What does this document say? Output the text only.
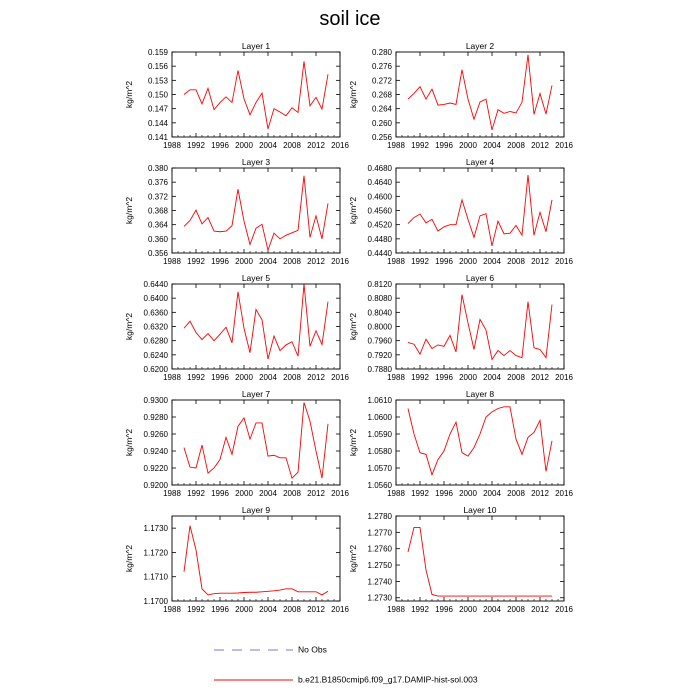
soil ice
Layer 1
kg/m^2
1988 1992 1996 2000 2004 2008 2012 2016
0.141
0.144
0.147
0.150
0.153
0.156
0.159
Layer 2
kg/m^2
1988 1992 1996 2000 2004 2008 2012 2016
0.256
0.260
0.264
0.268
0.272
0.276
0.280
Layer 3
kg/m^2
1988 1992 1996 2000 2004 2008 2012 2016
0.356
0.360
0.364
0.368
0.372
0.376
0.380
Layer 4
kg/m^2
1988 1992 1996 2000 2004 2008 2012 2016
0.4440
0.4480
0.4520
0.4560
0.4600
0.4640
0.4680
Layer 5
kg/m^2
1988 1992 1996 2000 2004 2008 2012 2016
0.6200
0.6240
0.6280
0.6320
0.6360
0.6400
0.6440
Layer 6
kg/m^2
1988 1992 1996 2000 2004 2008 2012 2016
0.7880
0.7920
0.7960
0.8000
0.8040
0.8080
0.8120
Layer 7
kg/m^2
1988 1992 1996 2000 2004 2008 2012 2016
0.9200
0.9220
0.9240
0.9260
0.9280
0.9300
Layer 8
kg/m^2
1988 1992 1996 2000 2004 2008 2012 2016
1.0560
1.0570
1.0580
1.0590
1.0600
1.0610
Layer 9
kg/m^2
1988 1992 1996 2000 2004 2008 2012 2016
1.1700
1.1710
1.1720
1.1730
Layer 10
kg/m^2
1988 1992 1996 2000 2004 2008 2012 2016
1.2730
1.2740
1.2750
1.2760
1.2770
1.2780
No Obs
b.e21.B1850cmip6.f09_g17.DAMIP-hist-sol.003
